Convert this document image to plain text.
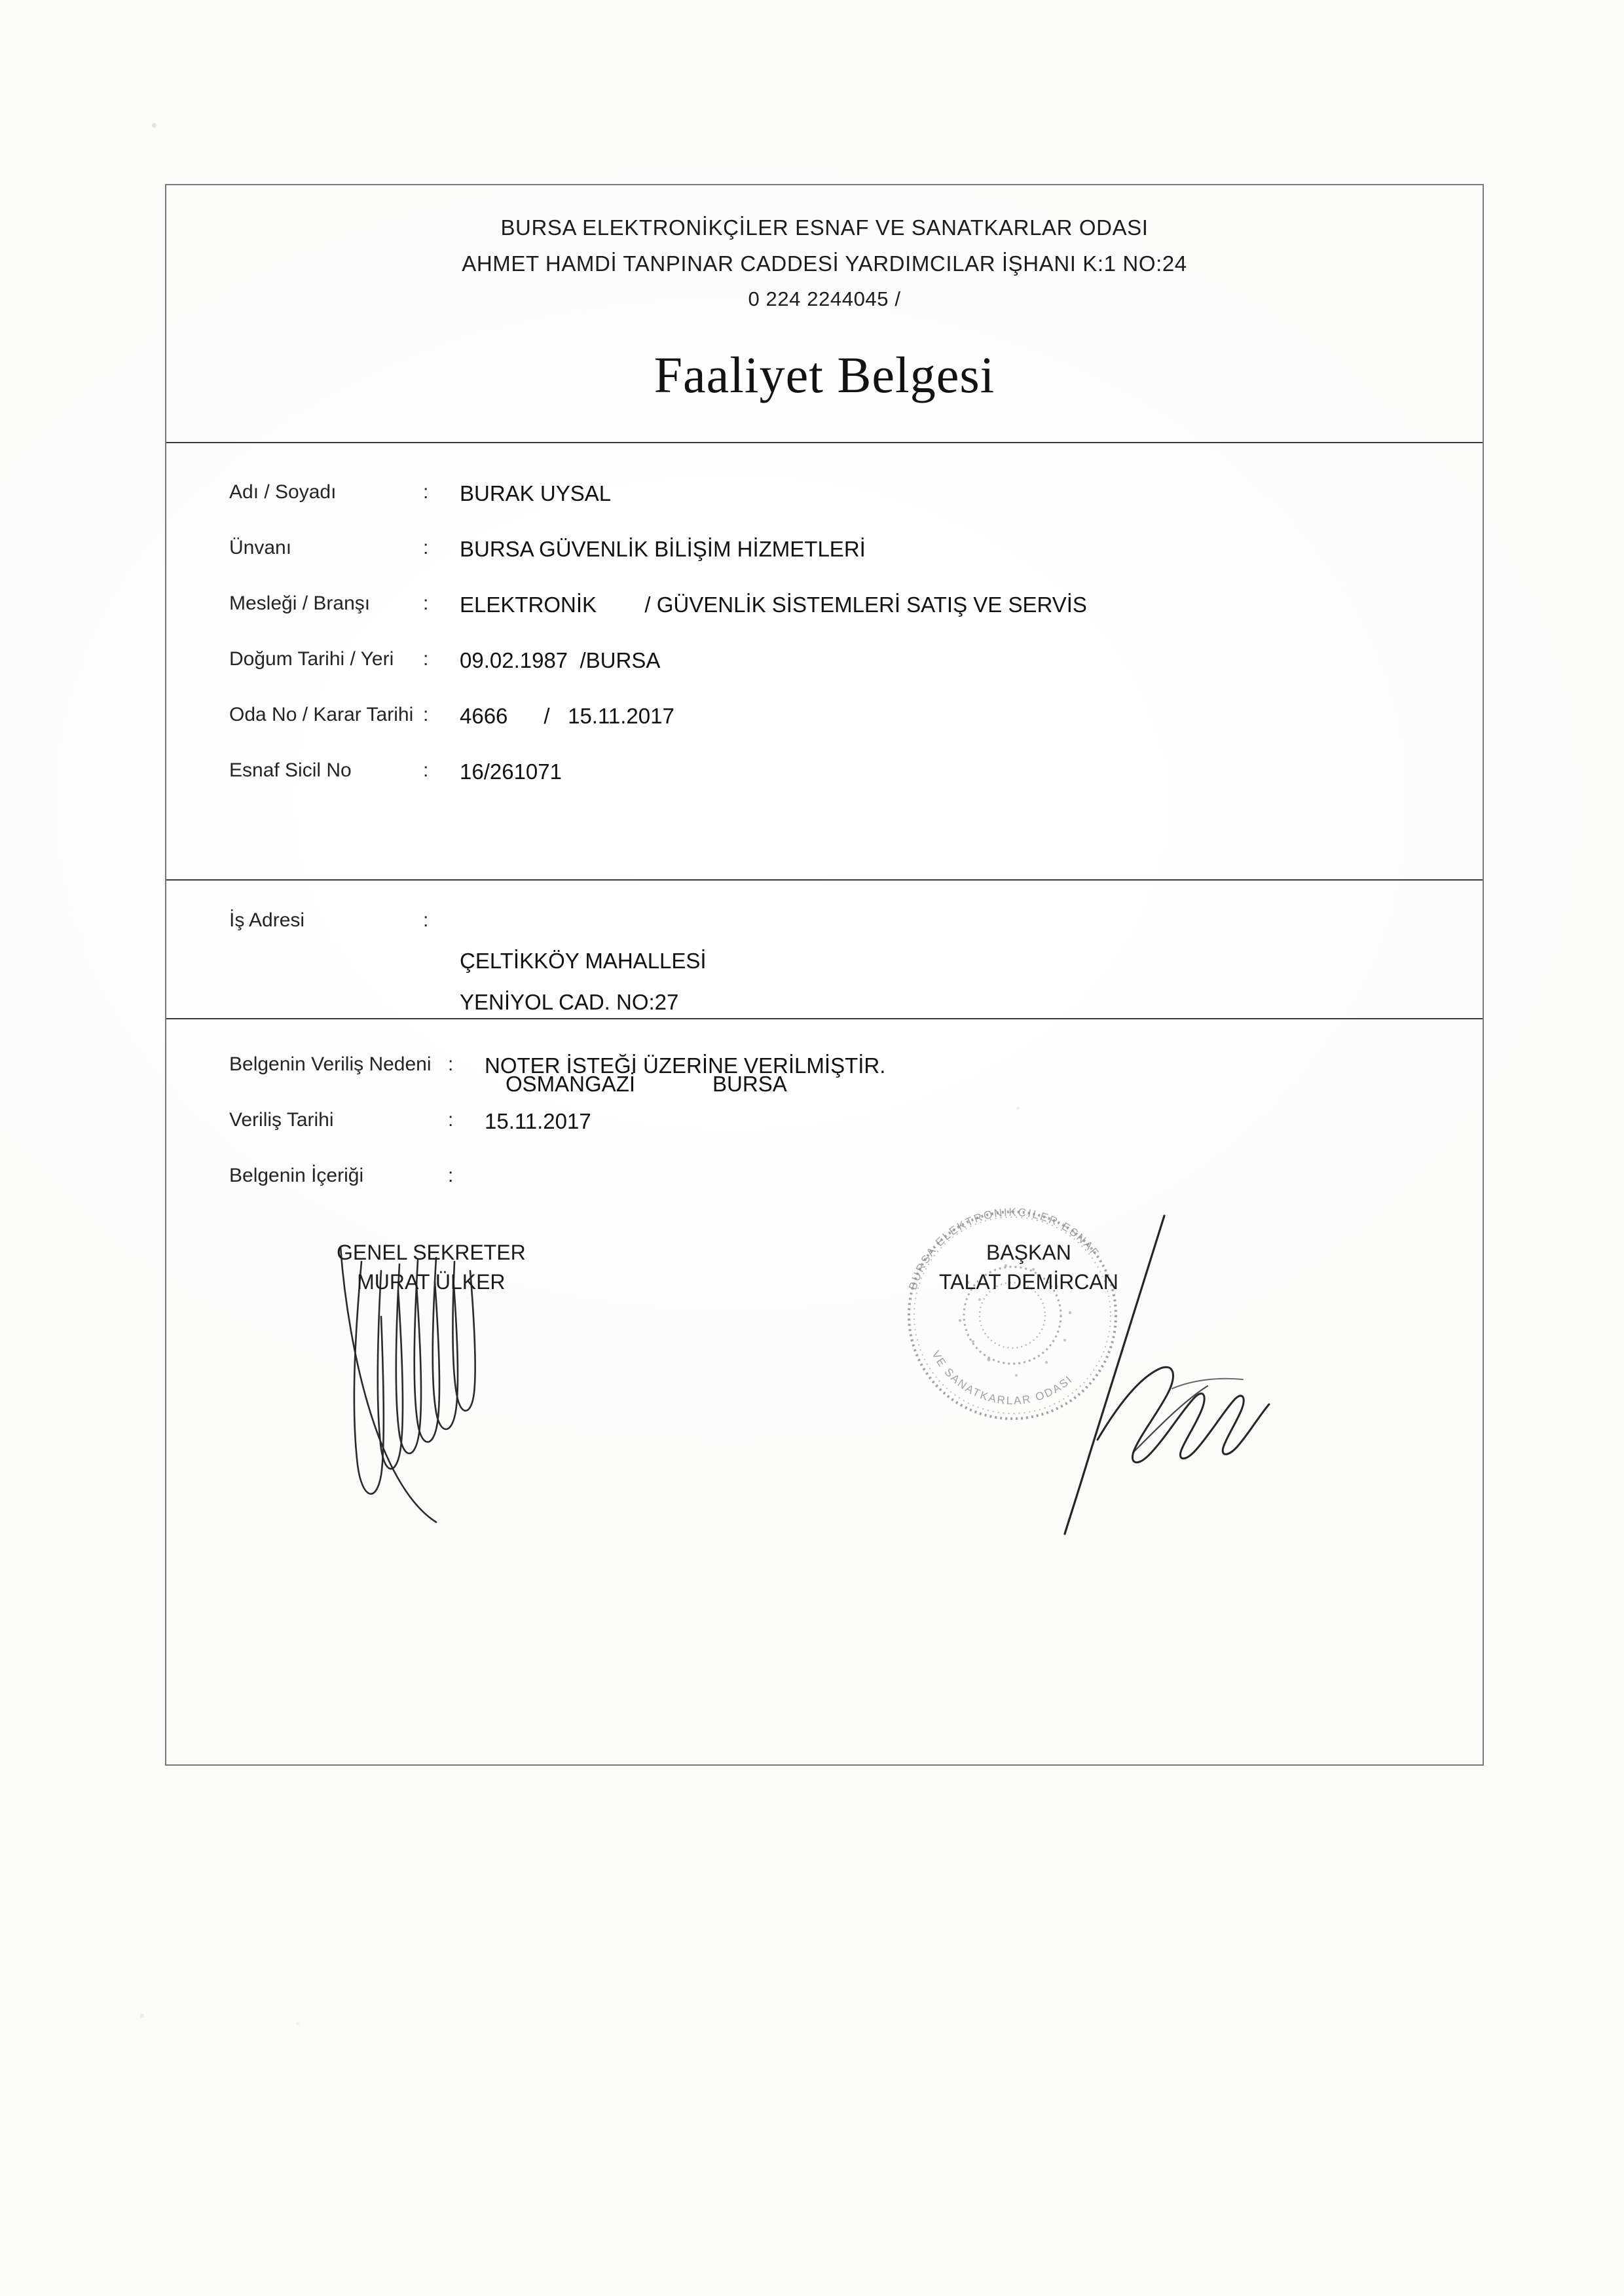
BURSA ELEKTRONİKÇİLER ESNAF VE SANATKARLAR ODASI
AHMET HAMDİ TANPINAR CADDESİ YARDIMCILAR İŞHANI K:1 NO:24
0 224 2244045 /
Faaliyet Belgesi
Adı / Soyadı	:	BURAK UYSAL
Ünvanı	:	BURSA GÜVENLİK BİLİŞİM HİZMETLERİ
Mesleği / Branşı	:	ELEKTRONİK        / GÜVENLİK SİSTEMLERİ SATIŞ VE SERVİS
Doğum Tarihi / Yeri	:	09.02.1987  /BURSA
Oda No / Karar Tarihi :	4666      /   15.11.2017
Esnaf Sicil No	:	16/261071
İş Adresi	:

ÇELTİKKÖY MAHALLESİ
YENİYOL CAD. NO:27

OSMANGAZİ	BURSA
Belgenin Veriliş Nedeni :	NOTER İSTEĞİ ÜZERİNE VERİLMİŞTİR.
Veriliş Tarihi	:	15.11.2017
Belgenin İçeriği	:
BURSA ELEKTRONIKCILER ESNAF
VE SANATKARLAR ODASI
GENEL SEKRETER
MURAT ÜLKER
BAŞKAN
TALAT DEMİRCAN
